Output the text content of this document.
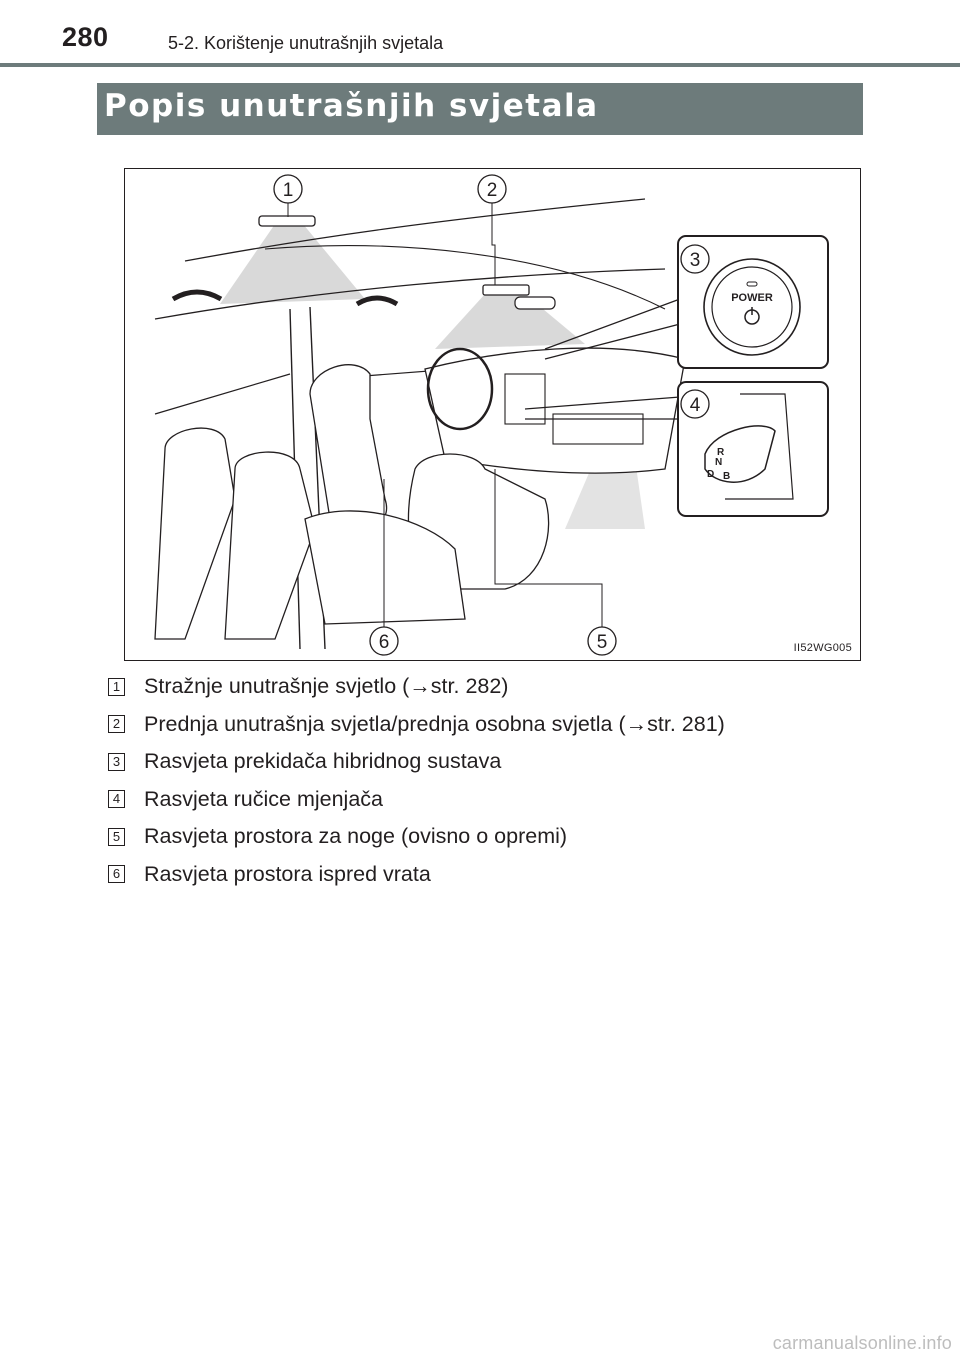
280	5-2. Korištenje unutrašnjih svjetala
Popis unutrašnjih svjetala
1	2
6	5
POWER
3
R
N
D B
4
II52WG005
1 Stražnje unutrašnje svjetlo (→str. 282)
2 Prednja unutrašnja svjetla/prednja osobna svjetla (→str. 281)
3 Rasvjeta prekidača hibridnog sustava
4 Rasvjeta ručice mjenjača
5 Rasvjeta prostora za noge (ovisno o opremi)
6 Rasvjeta prostora ispred vrata
carmanualsonline.info
